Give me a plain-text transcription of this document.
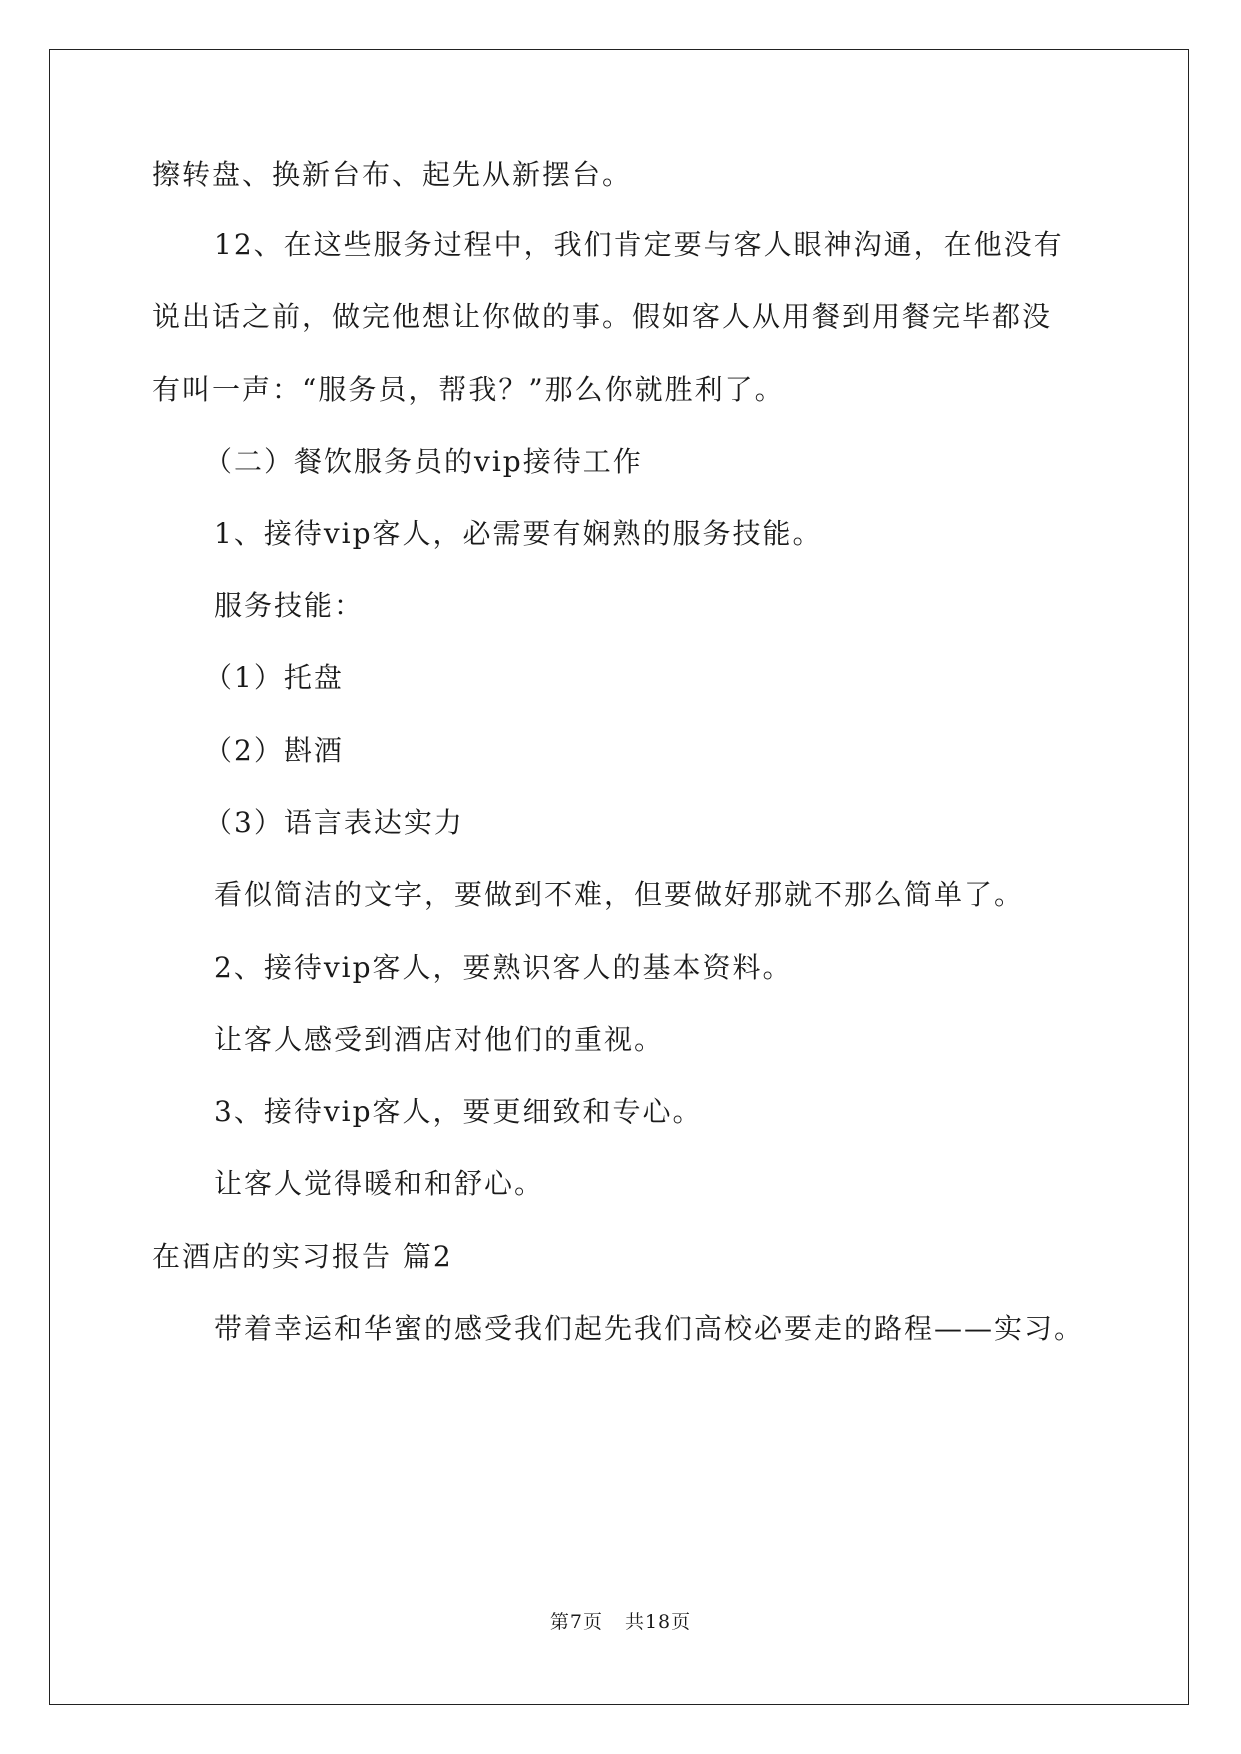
擦转盘、换新台布、起先从新摆台。
12、在这些服务过程中，我们肯定要与客人眼神沟通，在他没有
说出话之前，做完他想让你做的事。假如客人从用餐到用餐完毕都没
有叫一声：“服务员，帮我？”那么你就胜利了。
（二）餐饮服务员的vip接待工作
1、接待vip客人，必需要有娴熟的服务技能。
服务技能：
（1）托盘
（2）斟酒
（3）语言表达实力
看似简洁的文字，要做到不难，但要做好那就不那么简单了。
2、接待vip客人，要熟识客人的基本资料。
让客人感受到酒店对他们的重视。
3、接待vip客人，要更细致和专心。
让客人觉得暖和和舒心。
在酒店的实习报告 篇2
带着幸运和华蜜的感受我们起先我们高校必要走的路程——实习。
第7页 共18页
